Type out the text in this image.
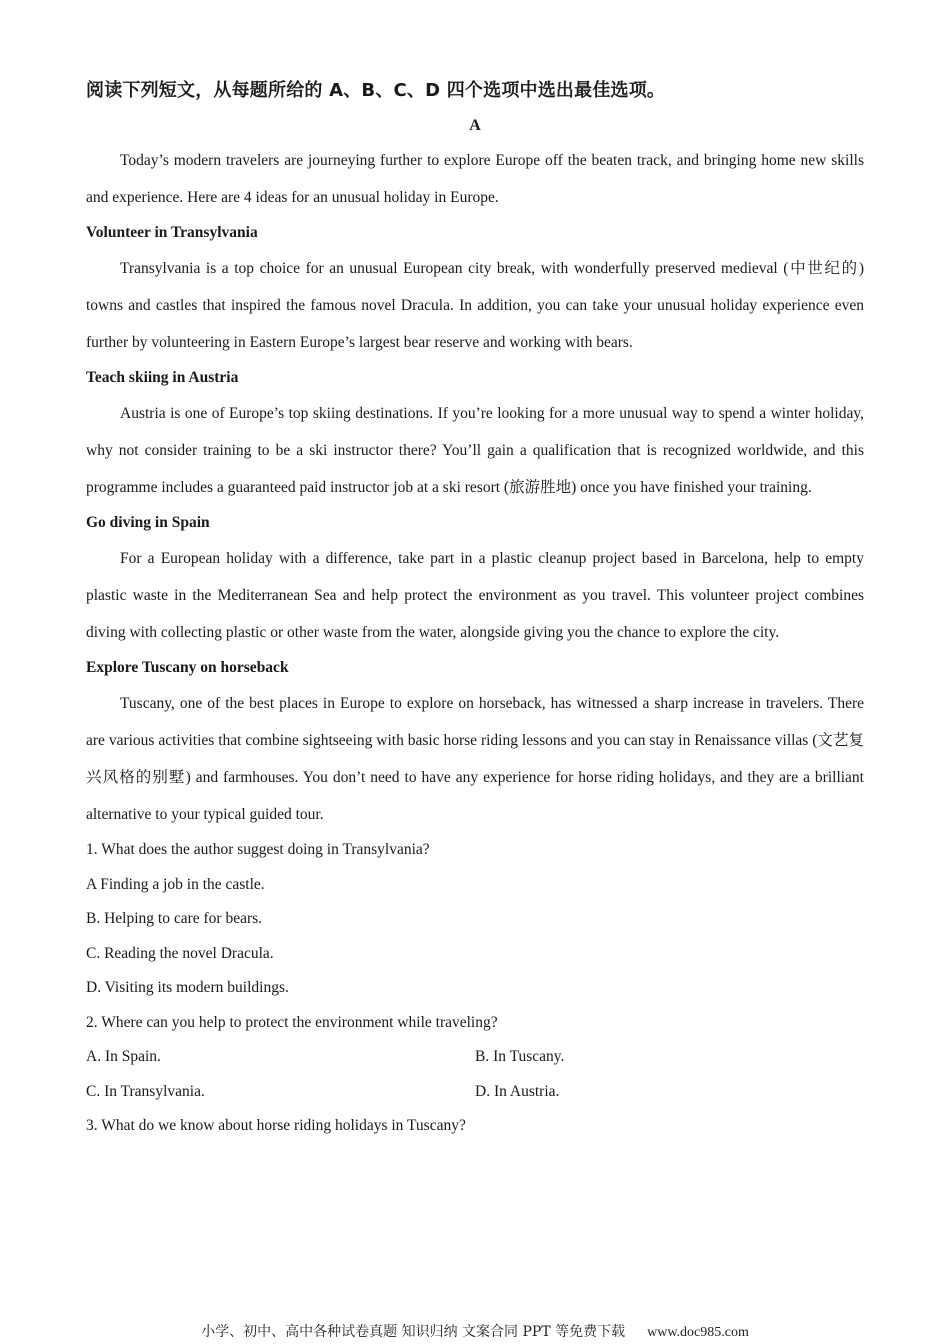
阅读下列短文，从每题所给的 A、B、C、D 四个选项中选出最佳选项。

A

Today’s modern travelers are journeying further to explore Europe off the beaten track, and bringing home new skills and experience. Here are 4 ideas for an unusual holiday in Europe.

Volunteer in Transylvania

Transylvania is a top choice for an unusual European city break, with wonderfully preserved medieval (中世纪的) towns and castles that inspired the famous novel Dracula. In addition, you can take your unusual holiday experience even further by volunteering in Eastern Europe’s largest bear reserve and working with bears.

Teach skiing in Austria

Austria is one of Europe’s top skiing destinations. If you’re looking for a more unusual way to spend a winter holiday, why not consider training to be a ski instructor there? You’ll gain a qualification that is recognized worldwide, and this programme includes a guaranteed paid instructor job at a ski resort (旅游胜地) once you have finished your training.

Go diving in Spain

For a European holiday with a difference, take part in a plastic cleanup project based in Barcelona, help to empty plastic waste in the Mediterranean Sea and help protect the environment as you travel. This volunteer project combines diving with collecting plastic or other waste from the water, alongside giving you the chance to explore the city.

Explore Tuscany on horseback

Tuscany, one of the best places in Europe to explore on horseback, has witnessed a sharp increase in travelers. There are various activities that combine sightseeing with basic horse riding lessons and you can stay in Renaissance villas (文艺复兴风格的别墅) and farmhouses. You don’t need to have any experience for horse riding holidays, and they are a brilliant alternative to your typical guided tour.

1. What does the author suggest doing in Transylvania?

A Finding a job in the castle.

B. Helping to care for bears.

C. Reading the novel Dracula.

D. Visiting its modern buildings.

2. Where can you help to protect the environment while traveling?

A. In Spain.	B. In Tuscany.
C. In Transylvania.	D. In Austria.

3. What do we know about horse riding holidays in Tuscany?

小学、初中、高中各种试卷真题 知识归纳 文案合同 PPT 等免费下载 www.doc985.com
